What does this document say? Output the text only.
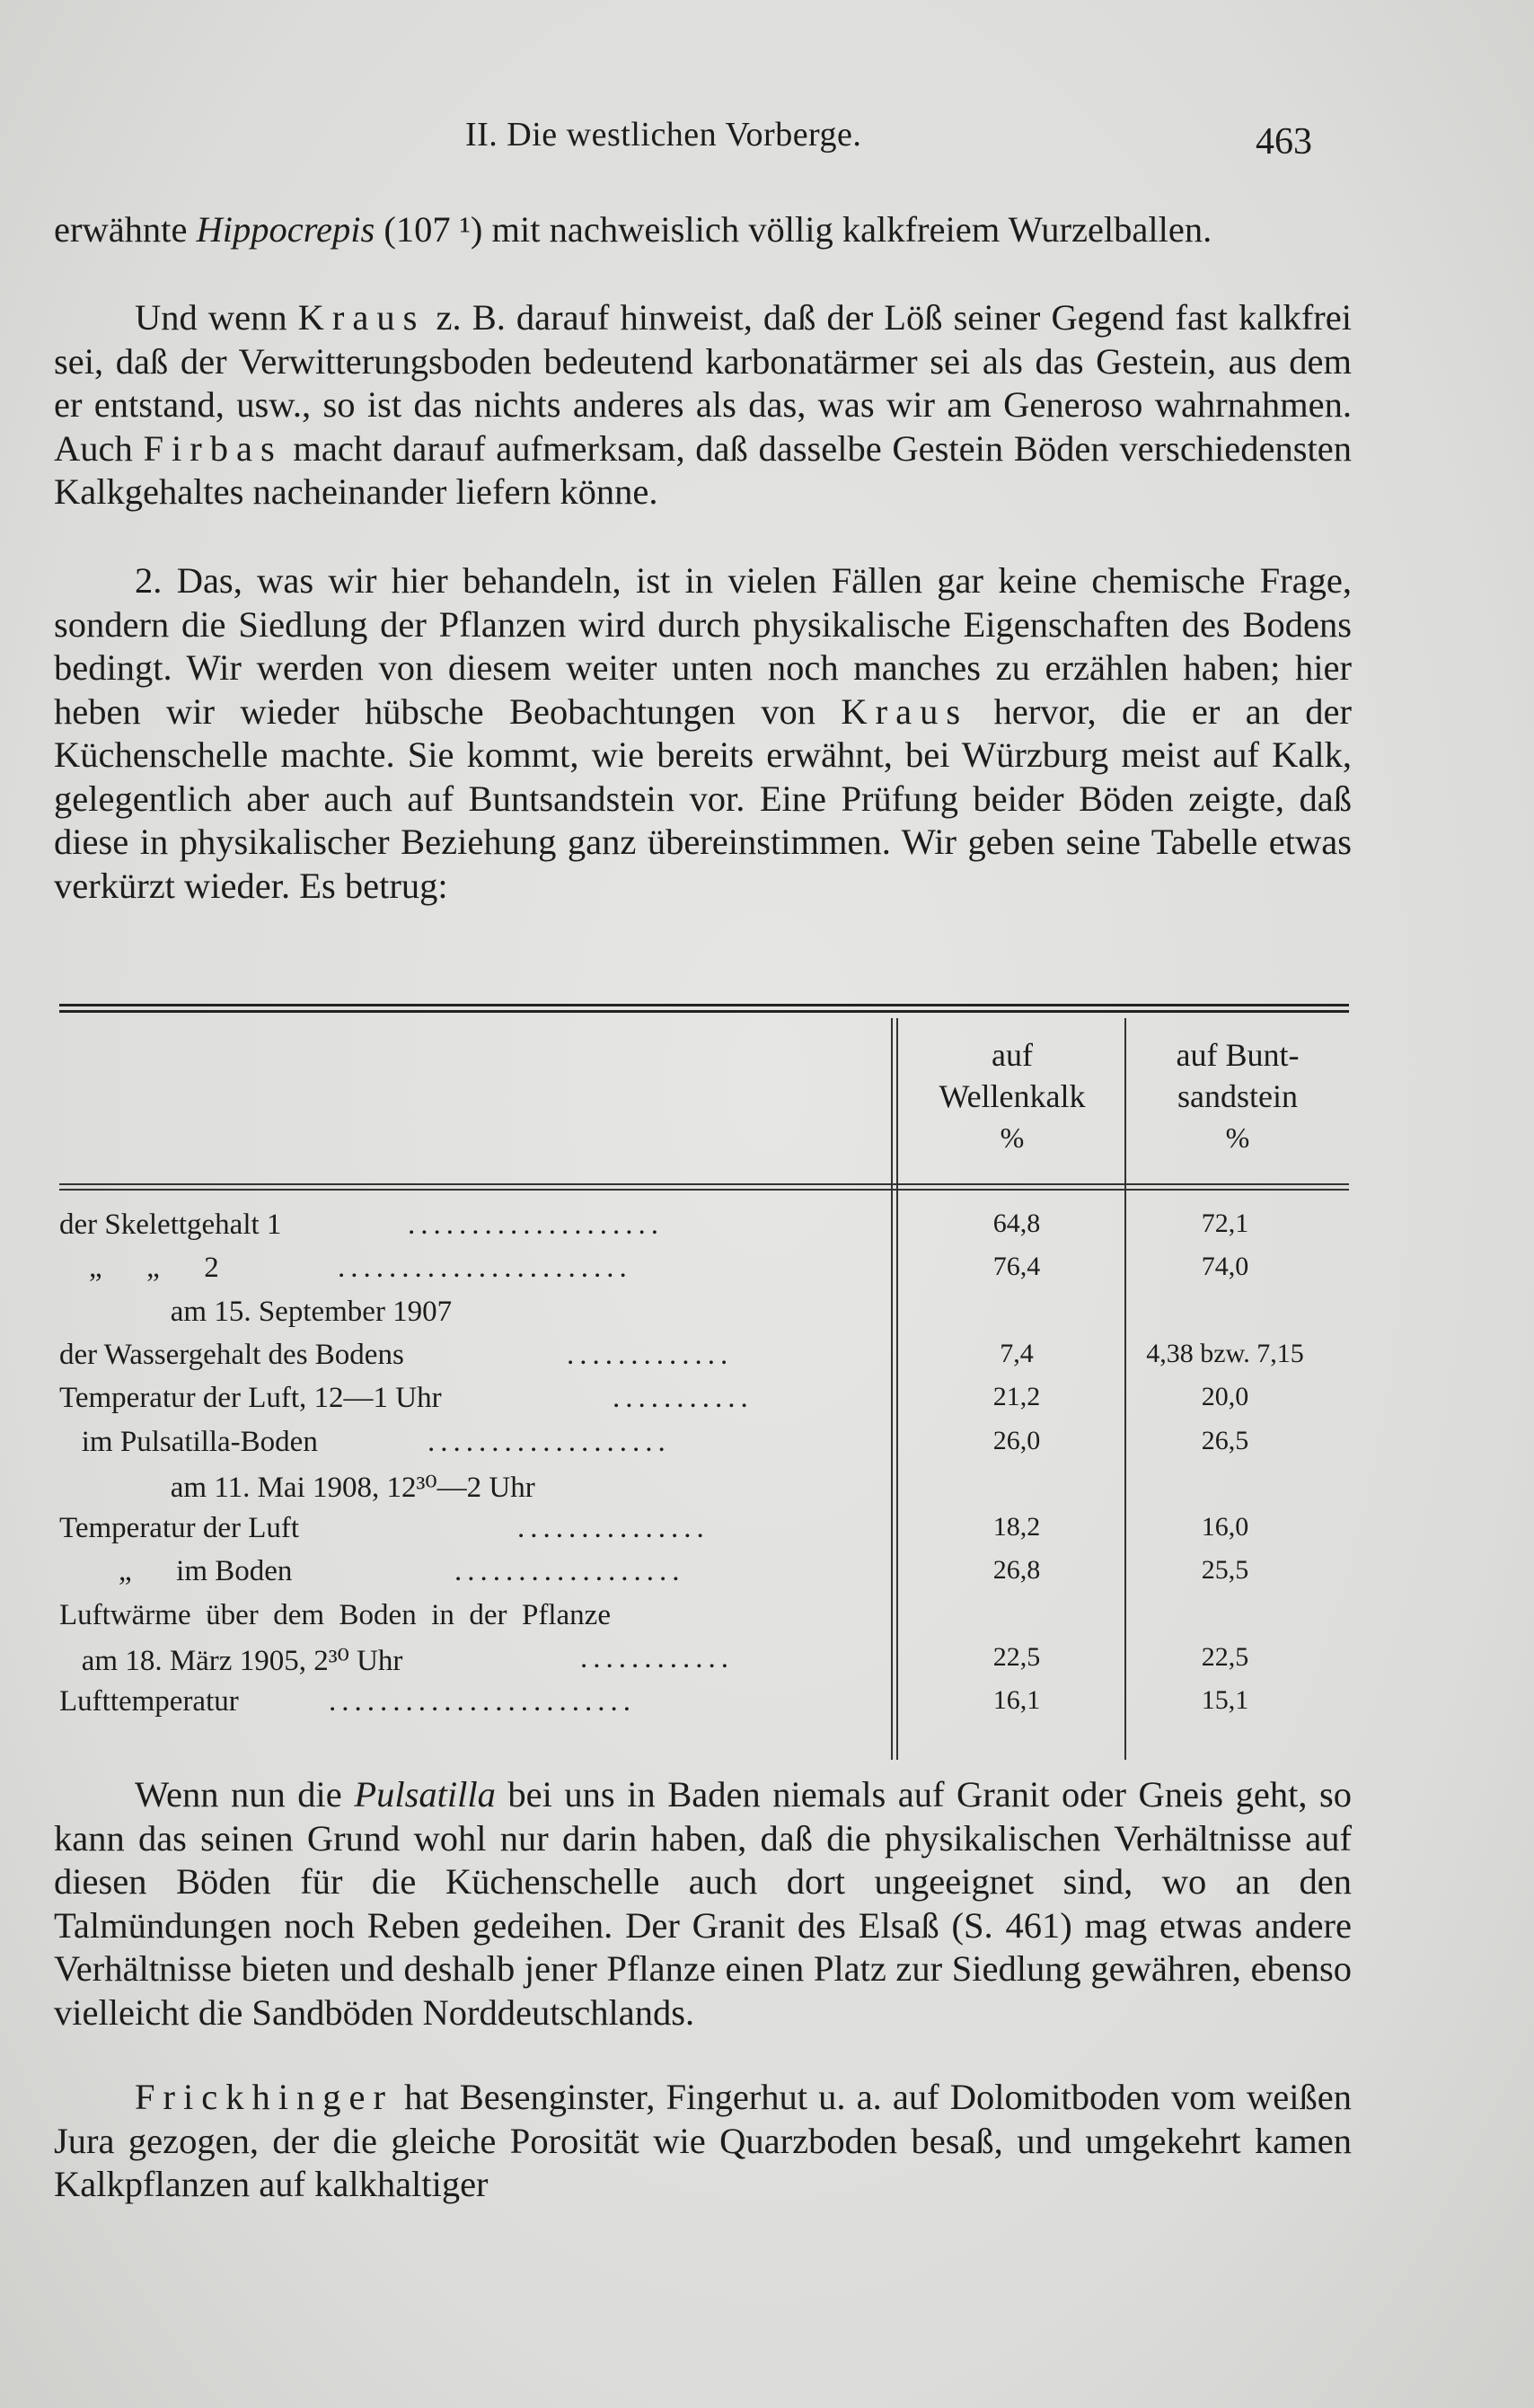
II. Die westlichen Vorberge.	463

erwähnte Hippocrepis (107 ¹) mit nachweislich völlig kalkfreiem Wurzelballen.

Und wenn Kraus z. B. darauf hinweist, daß der Löß seiner Gegend fast kalkfrei sei, daß der Verwitterungsboden bedeutend karbonatärmer sei als das Gestein, aus dem er entstand, usw., so ist das nichts anderes als das, was wir am Generoso wahrnahmen. Auch Firbas macht darauf aufmerksam, daß dasselbe Gestein Böden verschiedensten Kalkgehaltes nacheinander liefern könne.

2. Das, was wir hier behandeln, ist in vielen Fällen gar keine chemische Frage, sondern die Siedlung der Pflanzen wird durch physikalische Eigenschaften des Bodens bedingt. Wir werden von diesem weiter unten noch manches zu erzählen haben; hier heben wir wieder hübsche Beobachtungen von Kraus hervor, die er an der Küchenschelle machte. Sie kommt, wie bereits erwähnt, bei Würzburg meist auf Kalk, gelegentlich aber auch auf Buntsandstein vor. Eine Prüfung beider Böden zeigte, daß diese in physikalischer Beziehung ganz übereinstimmen. Wir geben seine Tabelle etwas verkürzt wieder. Es betrug:

auf
Wellenkalk
%
auf Bunt-
sandstein
%
der Skelettgehalt 1	....................	64,8	72,1
„      „      2	.......................	76,4	74,0
am 15. September 1907
der Wassergehalt des Bodens	.............	7,4	4,38 bzw. 7,15
Temperatur der Luft, 12—1 Uhr	...........	21,2	20,0
im Pulsatilla-Boden	...................	26,0	26,5
am 11. Mai 1908, 12³⁰—2 Uhr
Temperatur der Luft	...............	18,2	16,0
„      im Boden	..................	26,8	25,5
Luftwärme  über  dem  Boden  in  der  Pflanze
am 18. März 1905, 2³⁰ Uhr	............	22,5	22,5
Lufttemperatur	........................	16,1	15,1

Wenn nun die Pulsatilla bei uns in Baden niemals auf Granit oder Gneis geht, so kann das seinen Grund wohl nur darin haben, daß die physikalischen Verhältnisse auf diesen Böden für die Küchenschelle auch dort ungeeignet sind, wo an den Talmündungen noch Reben gedeihen. Der Granit des Elsaß (S. 461) mag etwas andere Verhältnisse bieten und deshalb jener Pflanze einen Platz zur Siedlung gewähren, ebenso vielleicht die Sandböden Norddeutschlands.

Frickhinger hat Besenginster, Fingerhut u. a. auf Dolomitboden vom weißen Jura gezogen, der die gleiche Porosität wie Quarzboden besaß, und umgekehrt kamen Kalkpflanzen auf kalkhaltiger
